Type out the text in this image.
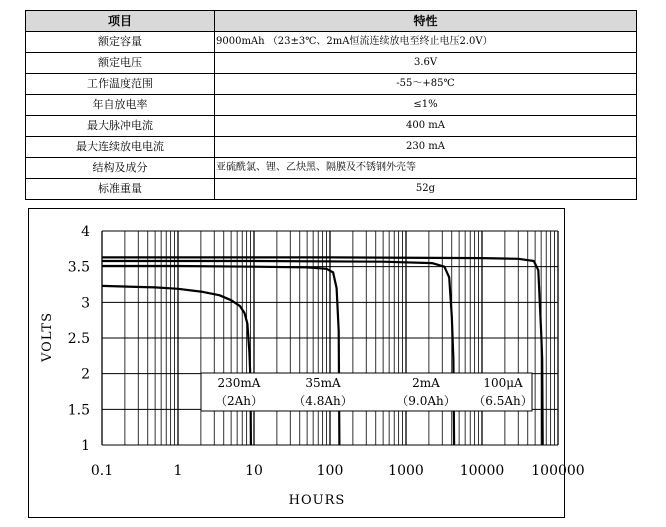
项目	特性
额定容量	9000mAh （23±3℃、2mA恒流连续放电至终止电压2.0V）
额定电压	3.6V
工作温度范围	-55～+85℃
年自放电率	≤1%
最大脉冲电流	400 mA
最大连续放电电流	230 mA
结构及成分	亚硫酰氯、锂、乙炔黑、隔膜及不锈钢外壳等
标准重量	52g
1
1.5
2
2.5
3
3.5
4
0.1	1	10	100	1000	10000 100000
HOURS
VOLTS
230mA
（2Ah）
35mA
（4.8Ah）
2mA
（9.0Ah）
100μA
（6.5Ah）
